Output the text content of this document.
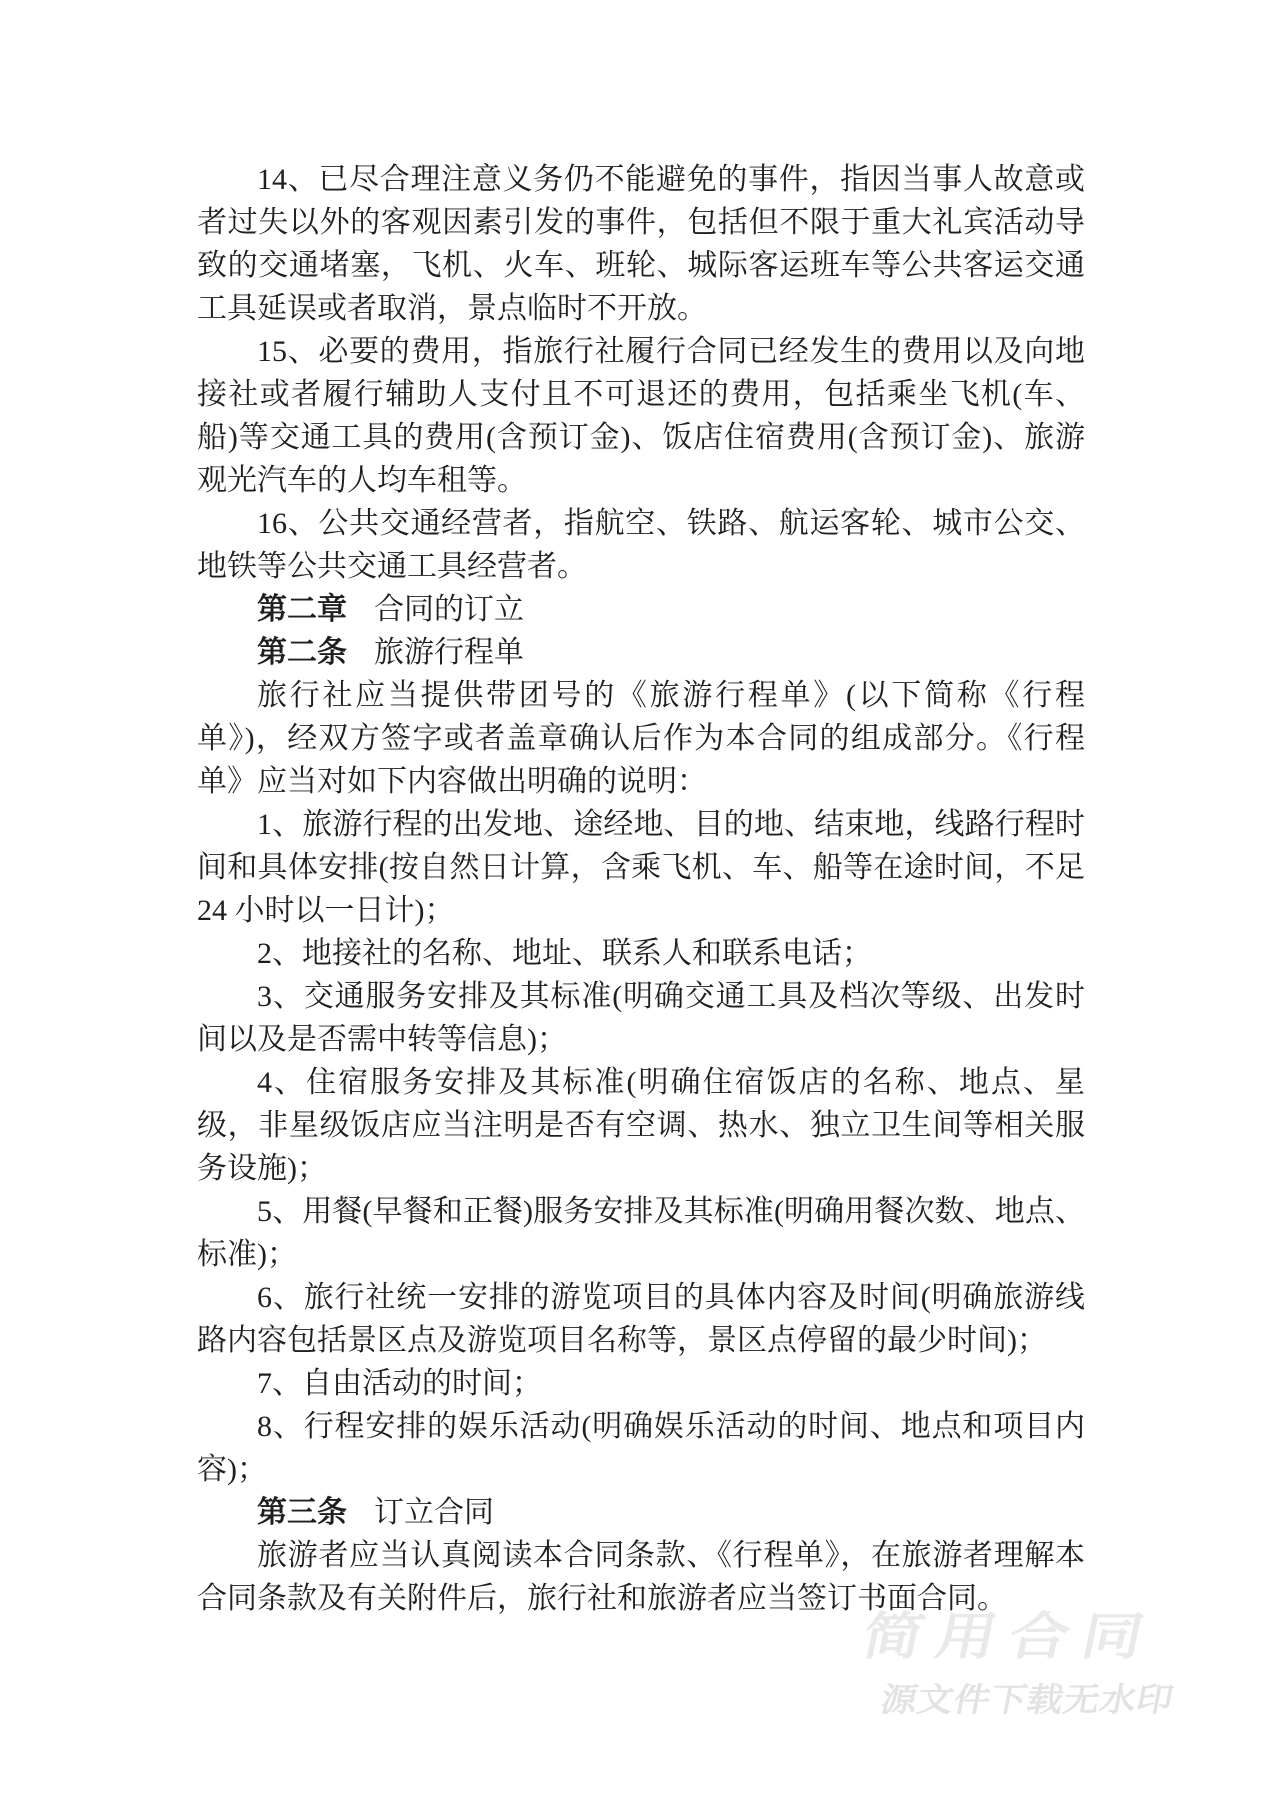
14、已尽合理注意义务仍不能避免的事件，指因当事人故意或者过失以外的客观因素引发的事件，包括但不限于重大礼宾活动导致的交通堵塞，飞机、火车、班轮、城际客运班车等公共客运交通工具延误或者取消，景点临时不开放。

15、必要的费用，指旅行社履行合同已经发生的费用以及向地接社或者履行辅助人支付且不可退还的费用，包括乘坐飞机(车、船)等交通工具的费用(含预订金)、饭店住宿费用(含预订金)、旅游观光汽车的人均车租等。

16、公共交通经营者，指航空、铁路、航运客轮、城市公交、地铁等公共交通工具经营者。

第二章 合同的订立

第二条 旅游行程单

旅行社应当提供带团号的《旅游行程单》(以下简称《行程单》)，经双方签字或者盖章确认后作为本合同的组成部分。《行程单》应当对如下内容做出明确的说明：

1、旅游行程的出发地、途经地、目的地、结束地，线路行程时间和具体安排(按自然日计算，含乘飞机、车、船等在途时间，不足 24 小时以一日计)；

2、地接社的名称、地址、联系人和联系电话；

3、交通服务安排及其标准(明确交通工具及档次等级、出发时间以及是否需中转等信息)；

4、住宿服务安排及其标准(明确住宿饭店的名称、地点、星级，非星级饭店应当注明是否有空调、热水、独立卫生间等相关服务设施)；

5、用餐(早餐和正餐)服务安排及其标准(明确用餐次数、地点、标准)；

6、旅行社统一安排的游览项目的具体内容及时间(明确旅游线路内容包括景区点及游览项目名称等，景区点停留的最少时间)；

7、自由活动的时间；

8、行程安排的娱乐活动(明确娱乐活动的时间、地点和项目内容)；

第三条 订立合同

旅游者应当认真阅读本合同条款、《行程单》，在旅游者理解本合同条款及有关附件后，旅行社和旅游者应当签订书面合同。

简用合同
源文件下载无水印
